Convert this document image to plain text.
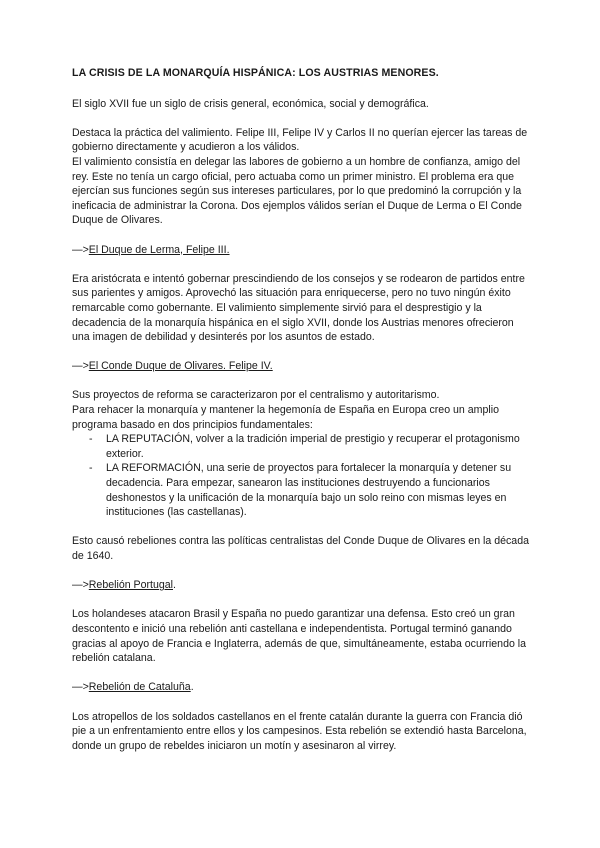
LA CRISIS DE LA MONARQUÍA HISPÁNICA: LOS AUSTRIAS MENORES.

El siglo XVII fue un siglo de crisis general, económica, social y demográfica.

Destaca la práctica del valimiento. Felipe III, Felipe IV y Carlos II no querían ejercer las tareas de gobierno directamente y acudieron a los válidos.

El valimiento consistía en delegar las labores de gobierno a un hombre de confianza, amigo del rey. Este no tenía un cargo oficial, pero actuaba como un primer ministro. El problema era que ejercían sus funciones según sus intereses particulares, por lo que predominó la corrupción y la ineficacia de administrar la Corona. Dos ejemplos válidos serían el Duque de Lerma o El Conde Duque de Olivares.

—>El Duque de Lerma, Felipe III.

Era aristócrata e intentó gobernar prescindiendo de los consejos y se rodearon de partidos entre sus parientes y amigos. Aprovechó las situación para enriquecerse, pero no tuvo ningún éxito remarcable como gobernante. El valimiento simplemente sirvió para el desprestigio y la decadencia de la monarquía hispánica en el siglo XVII, donde los Austrias menores ofrecieron una imagen de debilidad y desinterés por los asuntos de estado.

—>El Conde Duque de Olivares. Felipe IV.
Sus proyectos de reforma se caracterizaron por el centralismo y autoritarismo.
Para rehacer la monarquía y mantener la hegemonía de España en Europa creo un amplio programa basado en dos principios fundamentales:
- LA REPUTACIÓN, volver a la tradición imperial de prestigio y recuperar el protagonismo exterior.
- LA REFORMACIÓN, una serie de proyectos para fortalecer la monarquía y detener su decadencia. Para empezar, sanearon las instituciones destruyendo a funcionarios deshonestos y la unificación de la monarquía bajo un solo reino con mismas leyes en instituciones (las castellanas).

Esto causó rebeliones contra las políticas centralistas del Conde Duque de Olivares en la década de 1640.

—>Rebelión Portugal.

Los holandeses atacaron Brasil y España no puedo garantizar una defensa. Esto creó un gran descontento e inició una rebelión anti castellana e independentista. Portugal terminó ganando gracias al apoyo de Francia e Inglaterra, además de que, simultáneamente, estaba ocurriendo la rebelión catalana.

—>Rebelión de Cataluña.

Los atropellos de los soldados castellanos en el frente catalán durante la guerra con Francia dió pie a un enfrentamiento entre ellos y los campesinos. Esta rebelión se extendió hasta Barcelona, donde un grupo de rebeldes iniciaron un motín y asesinaron al virrey.
